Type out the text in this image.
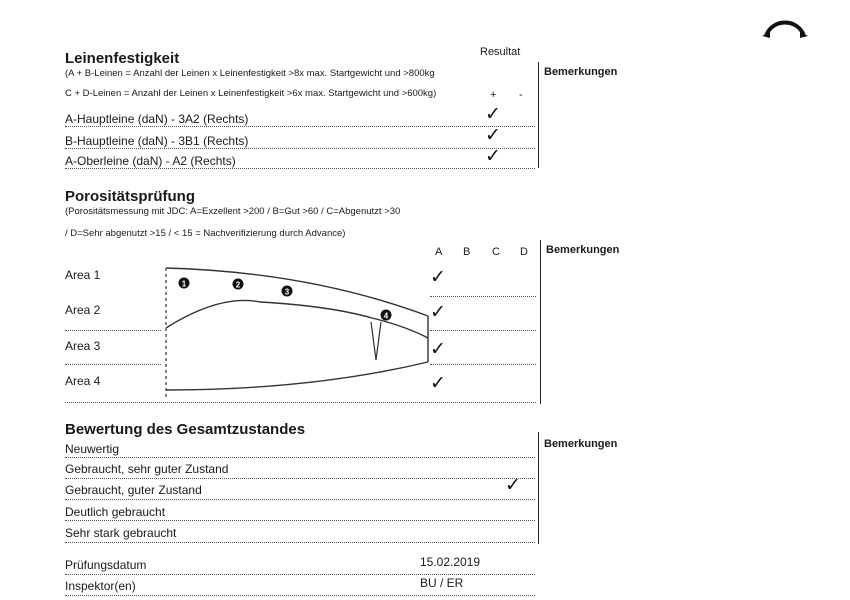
Leinenfestigkeit
(A + B-Leinen = Anzahl der Leinen x Leinenfestigkeit >8x max. Startgewicht und >800kg
C + D-Leinen = Anzahl der Leinen x Leinenfestigkeit >6x max. Startgewicht und >600kg)
Resultat
+ -
Bemerkungen
A-Hauptleine (daN) - 3A2 (Rechts)	✓
B-Hauptleine (daN) - 3B1 (Rechts)	✓
A-Oberleine (daN) - A2 (Rechts)	✓
Porositätsprüfung
(Porositätsmessung mit JDC: A=Exzellent >200 / B=Gut >60 / C=Abgenutzt >30
/ D=Sehr abgenutzt >15 / < 15 = Nachverifizierung durch Advance)
A B C D Bemerkungen
1	2
3
4
Area 1	✓
Area 2	✓
Area 3	✓
Area 4	✓
Bewertung des Gesamtzustandes
Bemerkungen
Neuwertig
Gebraucht, sehr guter Zustand
Gebraucht, guter Zustand	✓
Deutlich gebraucht
Sehr stark gebraucht
Prüfungsdatum	15.02.2019
Inspektor(en)	BU / ER
